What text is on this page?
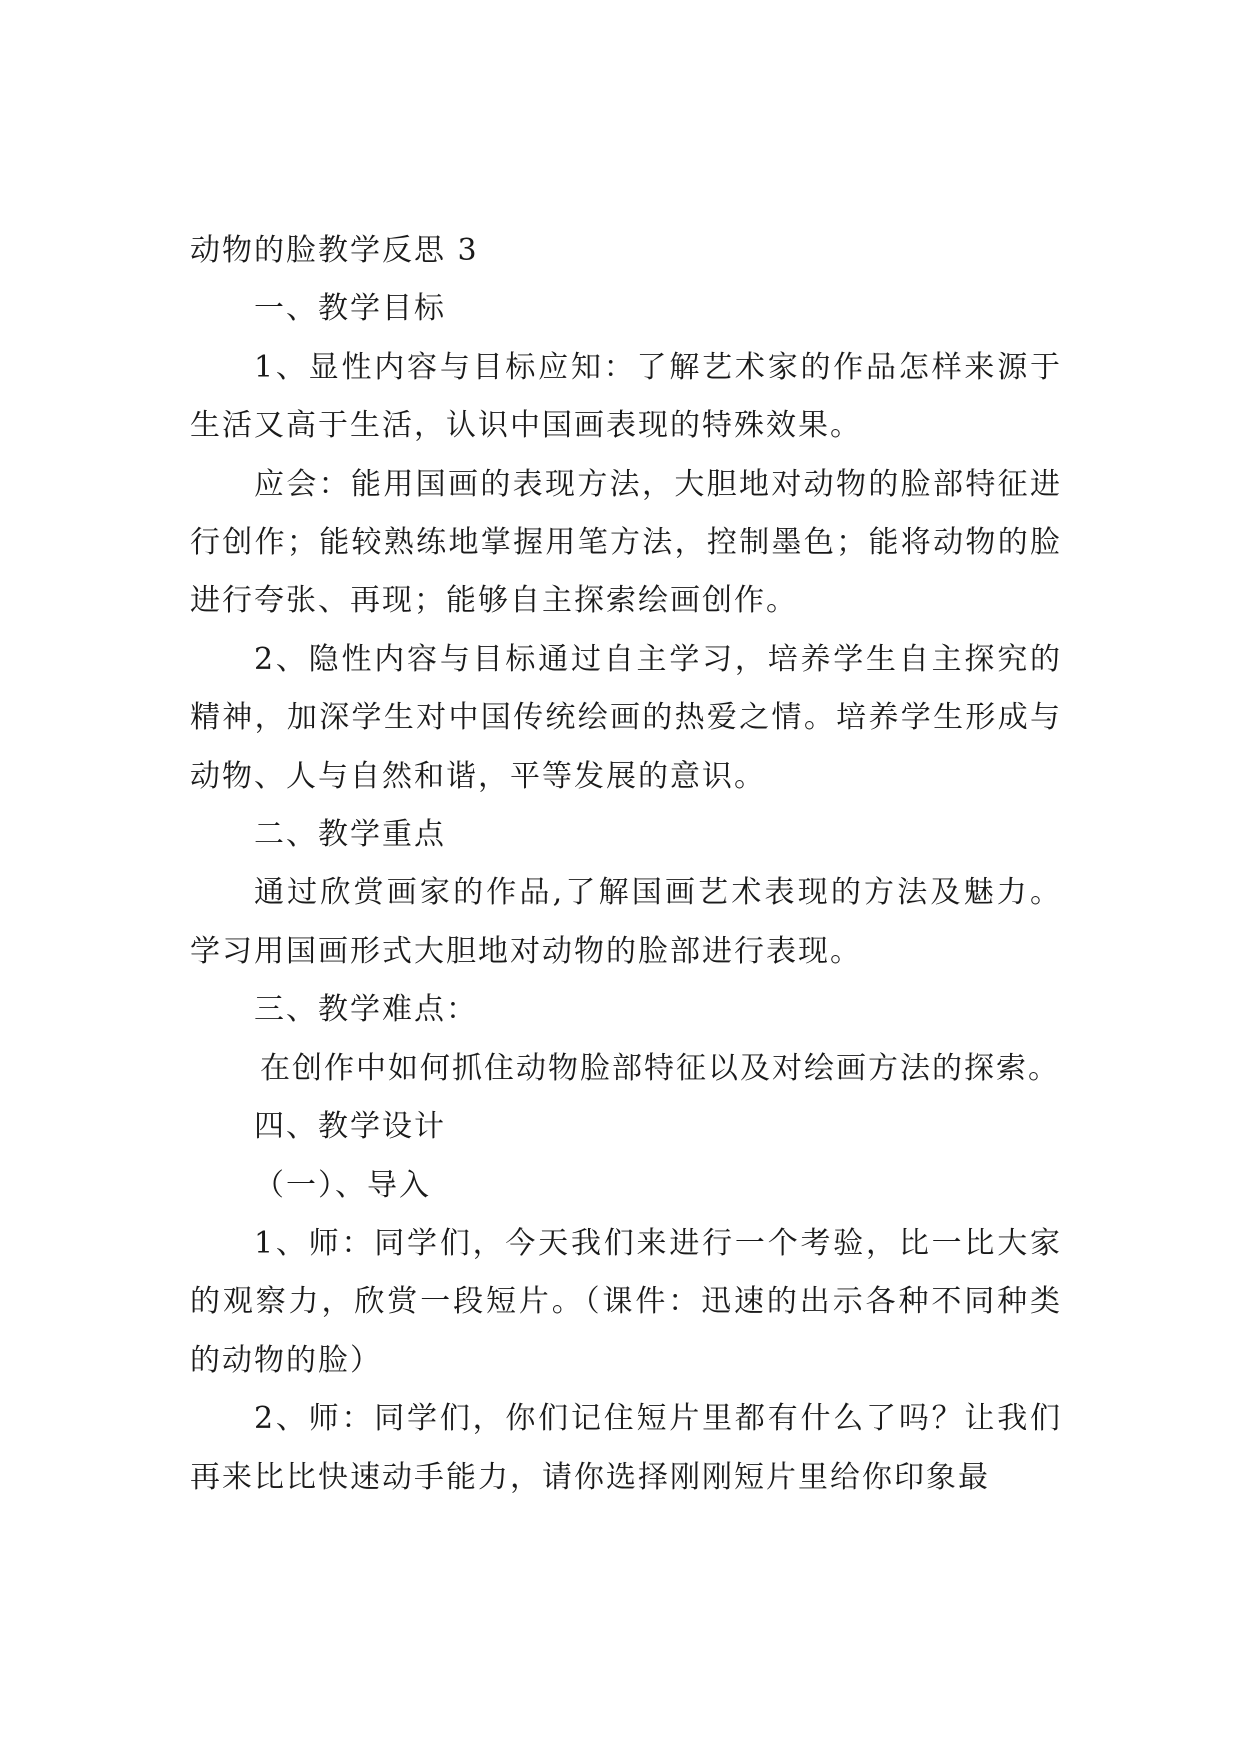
动物的脸教学反思 3

一、教学目标

1、显性内容与目标应知：了解艺术家的作品怎样来源于生活又高于生活，认识中国画表现的特殊效果。

应会：能用国画的表现方法，大胆地对动物的脸部特征进行创作；能较熟练地掌握用笔方法，控制墨色；能将动物的脸进行夸张、再现；能够自主探索绘画创作。

2、隐性内容与目标通过自主学习，培养学生自主探究的精神，加深学生对中国传统绘画的热爱之情。培养学生形成与动物、人与自然和谐，平等发展的意识。

二、教学重点

通过欣赏画家的作品,了解国画艺术表现的方法及魅力。学习用国画形式大胆地对动物的脸部进行表现。

三、教学难点：

在创作中如何抓住动物脸部特征以及对绘画方法的探索。

四、教学设计

（一）、导入

1、师：同学们，今天我们来进行一个考验，比一比大家的观察力，欣赏一段短片。（课件：迅速的出示各种不同种类的动物的脸）

2、师：同学们，你们记住短片里都有什么了吗？让我们再来比比快速动手能力，请你选择刚刚短片里给你印象最
